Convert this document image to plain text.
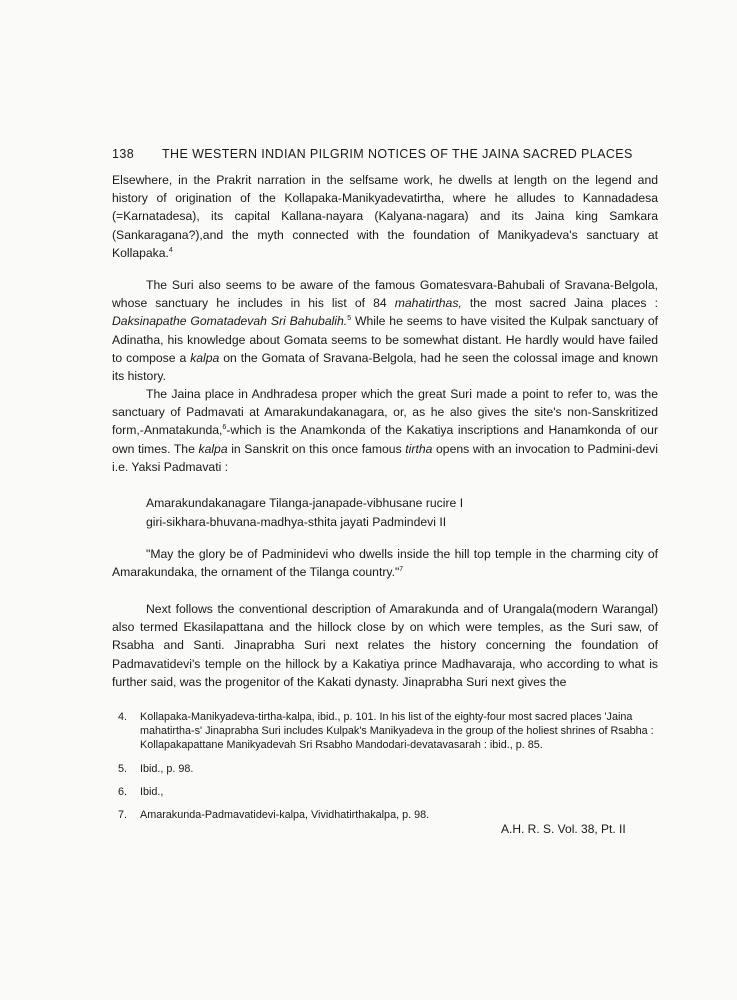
138 THE WESTERN INDIAN PILGRIM NOTICES OF THE JAINA SACRED PLACES

Elsewhere, in the Prakrit narration in the selfsame work, he dwells at length on the legend and history of origination of the Kollapaka-Manikyadevatirtha, where he alludes to Kannadadesa (=Karnatadesa), its capital Kallana-nayara (Kalyana-nagara) and its Jaina king Samkara (Sankaragana?),and the myth connected with the foundation of Manikyadeva's sanctuary at Kollapaka.$^4$

The Suri also seems to be aware of the famous Gomatesvara-Bahubali of Sravana-Belgola, whose sanctuary he includes in his list of 84 mahatirthas, the most sacred Jaina places : Daksinapathe Gomatadevah Sri Bahubalih.$^5$ While he seems to have visited the Kulpak sanctuary of Adinatha, his knowledge about Gomata seems to be somewhat distant. He hardly would have failed to compose a kalpa on the Gomata of Sravana-Belgola, had he seen the colossal image and known its history.

The Jaina place in Andhradesa proper which the great Suri made a point to refer to, was the sanctuary of Padmavati at Amarakundakanagara, or, as he also gives the site's non-Sanskritized form,-Anmatakunda,$^6$-which is the Anamkonda of the Kakatiya inscriptions and Hanamkonda of our own times. The kalpa in Sanskrit on this once famous tirtha opens with an invocation to Padmini-devi i.e. Yaksi Padmavati :

Amarakundakanagare Tilanga-janapade-vibhusane rucire I
giri-sikhara-bhuvana-madhya-sthita jayati Padmindevi II

"May the glory be of Padminidevi who dwells inside the hill top temple in the charming city of Amarakundaka, the ornament of the Tilanga country."$^7$

Next follows the conventional description of Amarakunda and of Urangala(modern Warangal) also termed Ekasilapattana and the hillock close by on which were temples, as the Suri saw, of Rsabha and Santi. Jinaprabha Suri next relates the history concerning the foundation of Padmavatidevi's temple on the hillock by a Kakatiya prince Madhavaraja, who according to what is further said, was the progenitor of the Kakati dynasty. Jinaprabha Suri next gives the

4.	Kollapaka-Manikyadeva-tirtha-kalpa, ibid., p. 101. In his list of the eighty-four most sacred places 'Jaina mahatirtha-s' Jinaprabha Suri includes Kulpak's Manikyadeva in the group of the holiest shrines of Rsabha : Kollapakapattane Manikyadevah Sri Rsabho Mandodari-devatavasarah : ibid., p. 85.
5.	Ibid., p. 98.
6.	Ibid.,
7.	Amarakunda-Padmavatidevi-kalpa, Vividhatirthakalpa, p. 98.
A.H. R. S. Vol. 38, Pt. II
